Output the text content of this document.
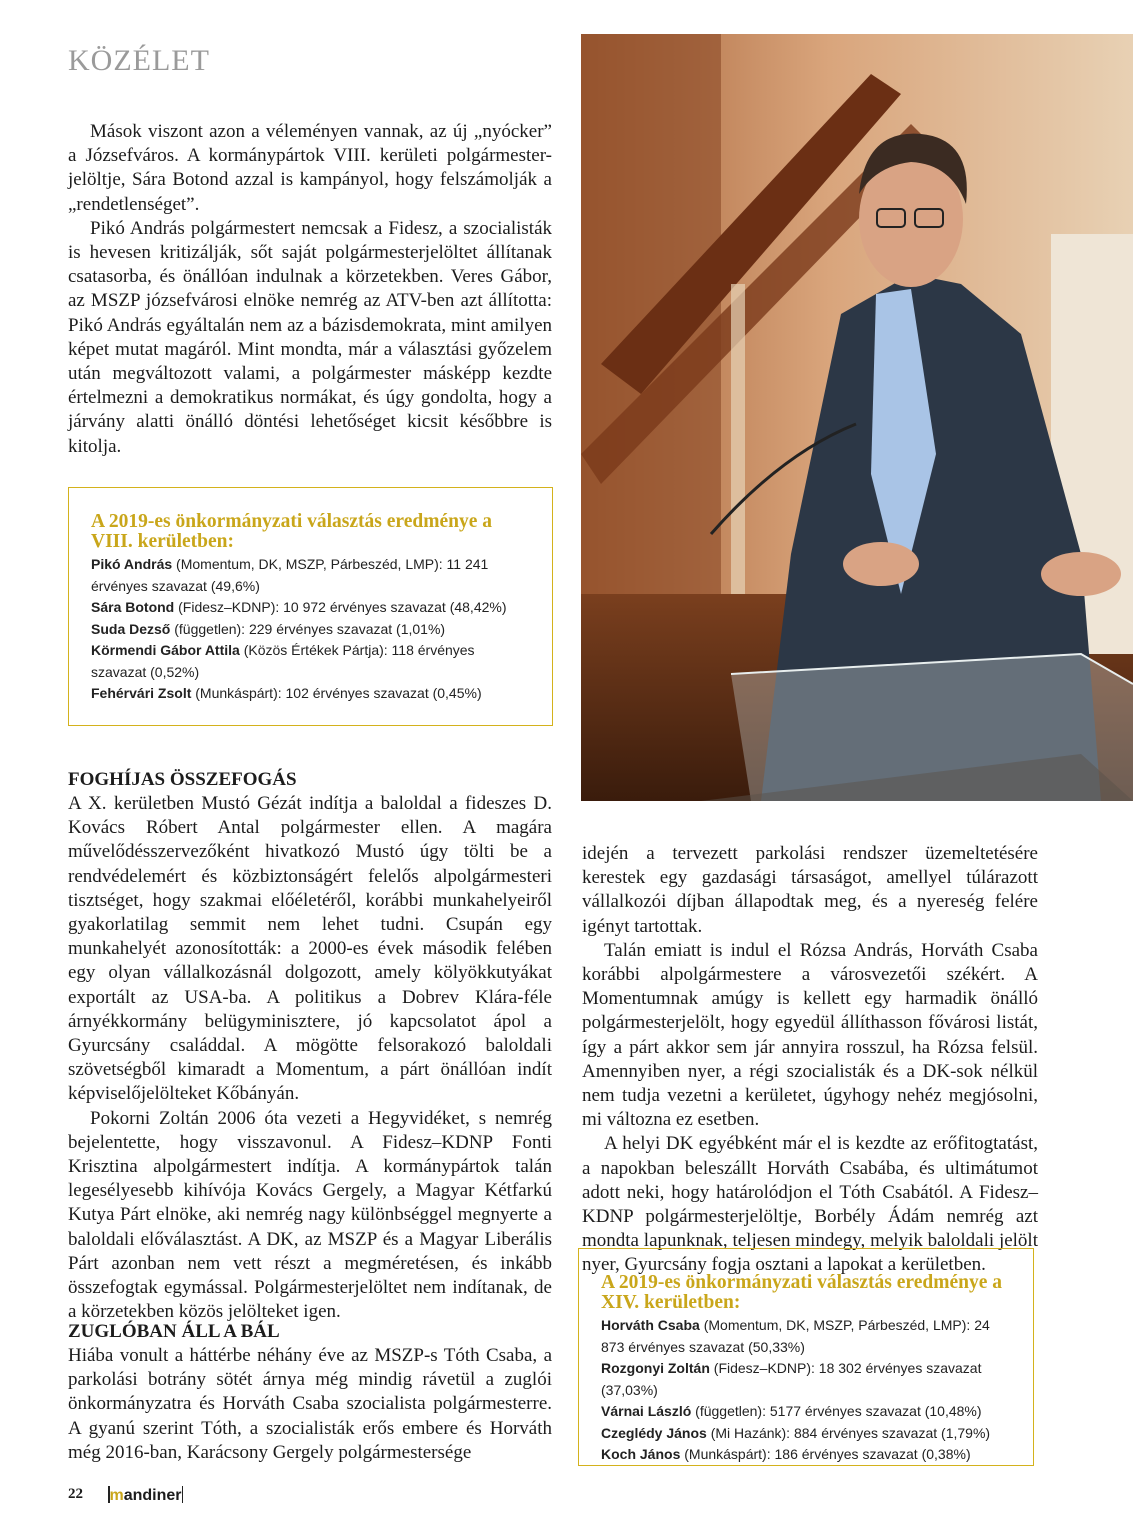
KÖZÉLET

Mások viszont azon a véleményen vannak, az új „nyócker” a Józsefváros. A kormánypártok VIII. kerületi polgármester-jelöltje, Sára Botond azzal is kampányol, hogy felszámolják a „rendetlenséget”.

Pikó András polgármestert nemcsak a Fidesz, a szocialisták is hevesen kritizálják, sőt saját polgármesterjelöltet állítanak csatasorba, és önállóan indulnak a körzetekben. Veres Gábor, az MSZP józsefvárosi elnöke nemrég az ATV-ben azt állította: Pikó András egyáltalán nem az a bázisdemokrata, mint amilyen képet mutat magáról. Mint mondta, már a választási győzelem után megváltozott valami, a polgármester másképp kezdte értelmezni a demokratikus normákat, és úgy gondolta, hogy a járvány alatti önálló döntési lehetőséget kicsit későbbre is kitolja.

A 2019-es önkormányzati választás eredménye a VIII. kerületben:
Pikó András (Momentum, DK, MSZP, Párbeszéd, LMP): 11 241 érvényes szavazat (49,6%)
Sára Botond (Fidesz–KDNP): 10 972 érvényes szavazat (48,42%)
Suda Dezső (független): 229 érvényes szavazat (1,01%)
Körmendi Gábor Attila (Közös Értékek Pártja): 118 érvényes szavazat (0,52%)
Fehérvári Zsolt (Munkáspárt): 102 érvényes szavazat (0,45%)
FOGHÍJAS ÖSSZEFOGÁS

A X. kerületben Mustó Gézát indítja a baloldal a fideszes D. Kovács Róbert Antal polgármester ellen. A magára művelődésszervezőként hivatkozó Mustó úgy tölti be a rendvédelemért és közbiztonságért felelős alpolgármesteri tisztséget, hogy szakmai előéletéről, korábbi munkahelyeiről gyakorlatilag semmit nem lehet tudni. Csupán egy munkahelyét azonosították: a 2000-es évek második felében egy olyan vállalkozásnál dolgozott, amely kölyökkutyákat exportált az USA-ba. A politikus a Dobrev Klára-féle árnyékkormány belügyminisztere, jó kapcsolatot ápol a Gyurcsány családdal. A mögötte felsorakozó baloldali szövetségből kimaradt a Momentum, a párt önállóan indít képviselőjelölteket Kőbányán.

Pokorni Zoltán 2006 óta vezeti a Hegyvidéket, s nemrég bejelentette, hogy visszavonul. A Fidesz–KDNP Fonti Krisztina alpolgármestert indítja. A kormánypártok talán legesélyesebb kihívója Kovács Gergely, a Magyar Kétfarkú Kutya Párt elnöke, aki nemrég nagy különbséggel megnyerte a baloldali előválasztást. A DK, az MSZP és a Magyar Liberális Párt azonban nem vett részt a megméretésen, és inkább összefogtak egymással. Polgármesterjelöltet nem indítanak, de a körzetekben közös jelölteket igen.

ZUGLÓBAN ÁLL A BÁL

Hiába vonult a háttérbe néhány éve az MSZP-s Tóth Csaba, a parkolási botrány sötét árnya még mindig rávetül a zuglói önkormányzatra és Horváth Csaba szocialista polgármesterre. A gyanú szerint Tóth, a szocialisták erős embere és Horváth még 2016-ban, Karácsony Gergely polgármestersége

idején a tervezett parkolási rendszer üzemeltetésére kerestek egy gazdasági társaságot, amellyel túlárazott vállalkozói díjban állapodtak meg, és a nyereség felére igényt tartottak.

Talán emiatt is indul el Rózsa András, Horváth Csaba korábbi alpolgármestere a városvezetői székért. A Momentumnak amúgy is kellett egy harmadik önálló polgármesterjelölt, hogy egyedül állíthasson fővárosi listát, így a párt akkor sem jár annyira rosszul, ha Rózsa felsül. Amennyiben nyer, a régi szocialisták és a DK-sok nélkül nem tudja vezetni a kerületet, úgyhogy nehéz megjósolni, mi változna ez esetben.

A helyi DK egyébként már el is kezdte az erőfitogtatást, a napokban beleszállt Horváth Csabába, és ultimátumot adott neki, hogy határolódjon el Tóth Csabától. A Fidesz–KDNP polgármesterjelöltje, Borbély Ádám nemrég azt mondta lapunknak, teljesen mindegy, melyik baloldali jelölt nyer, Gyurcsány fogja osztani a lapokat a kerületben.

A 2019-es önkormányzati választás eredménye a XIV. kerületben:
Horváth Csaba (Momentum, DK, MSZP, Párbeszéd, LMP): 24 873 érvényes szavazat (50,33%)
Rozgonyi Zoltán (Fidesz–KDNP): 18 302 érvényes szavazat (37,03%)
Várnai László (független): 5177 érvényes szavazat (10,48%)
Czeglédy János (Mi Hazánk): 884 érvényes szavazat (1,79%)
Koch János (Munkáspárt): 186 érvényes szavazat (0,38%)
22 mandiner
